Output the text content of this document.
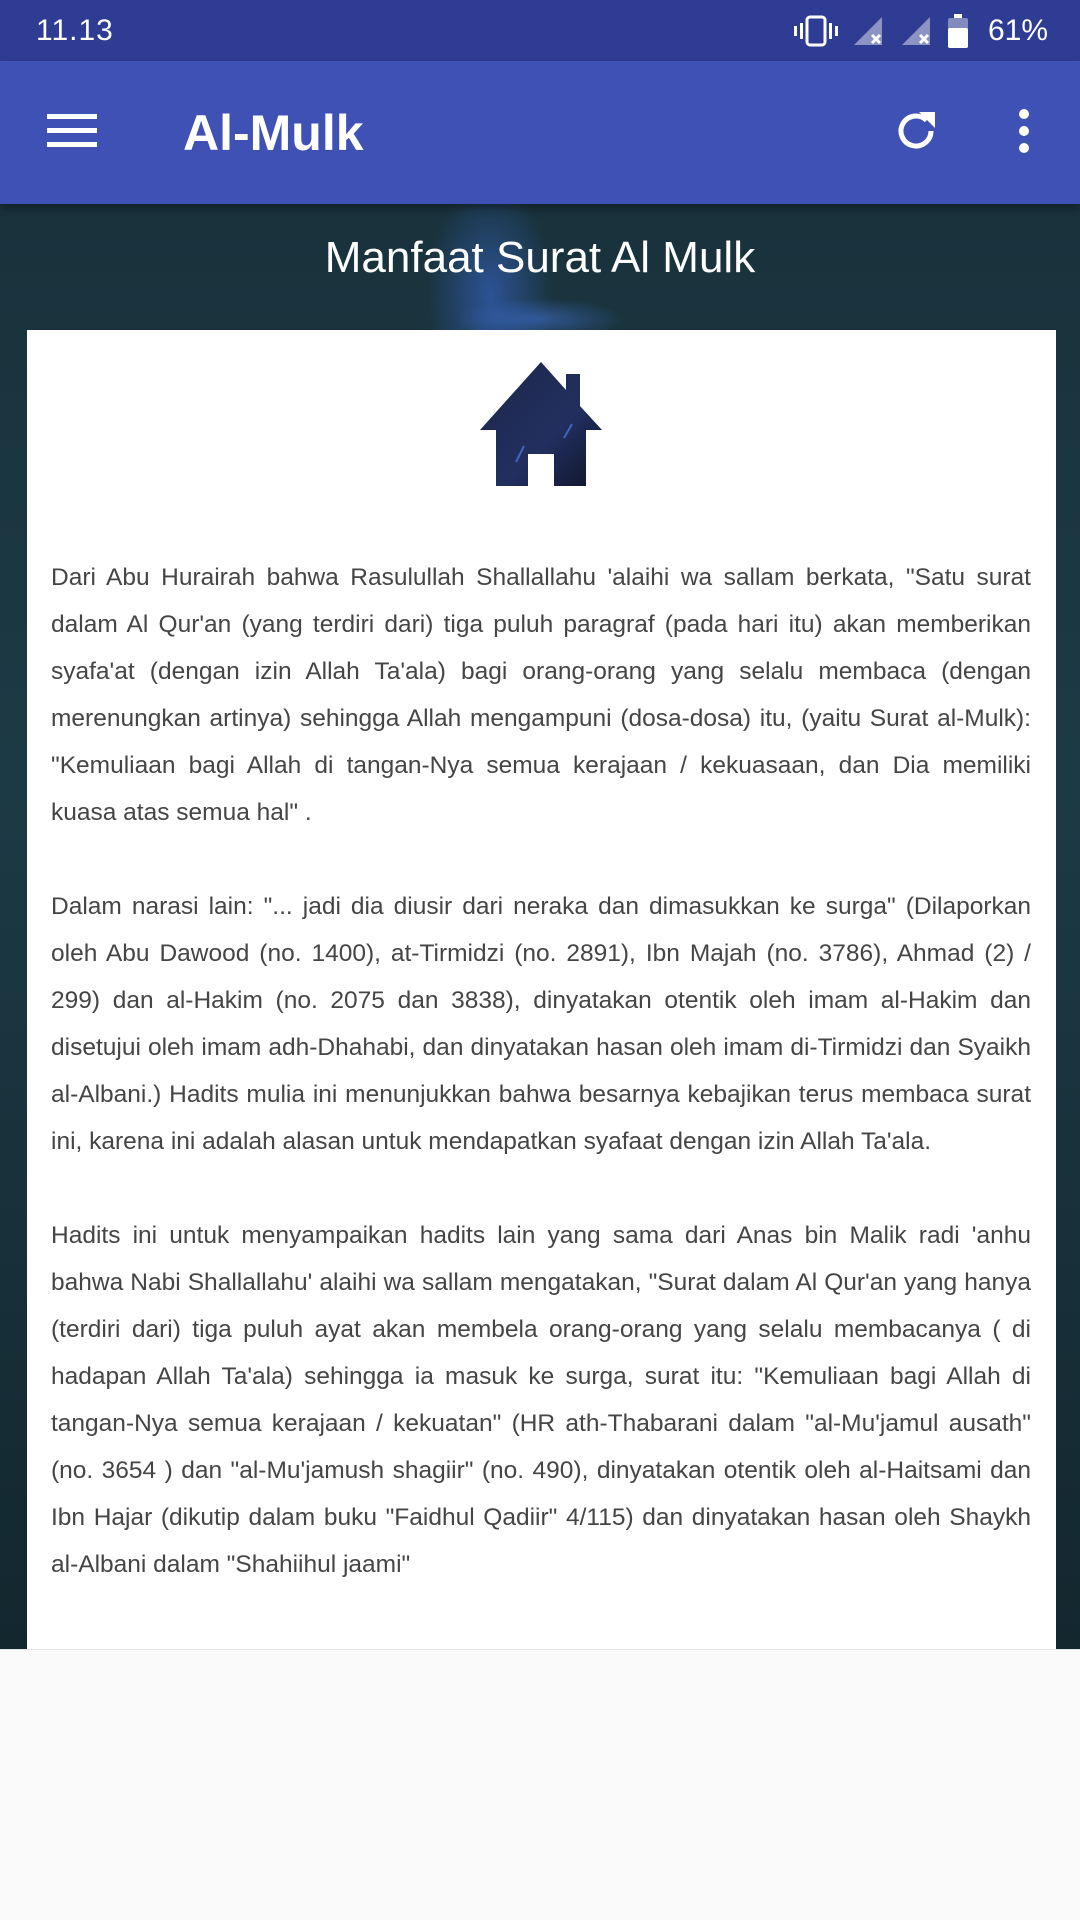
11.13	61%
Al-Mulk
Manfaat Surat Al Mulk

Dari Abu Hurairah bahwa Rasulullah Shallallahu 'alaihi wa sallam berkata, "Satu surat dalam Al Qur'an (yang terdiri dari) tiga puluh paragraf (pada hari itu) akan memberikan syafa'at (dengan izin Allah Ta'ala) bagi orang-orang yang selalu membaca (dengan merenungkan artinya) sehingga Allah mengampuni (dosa-dosa) itu, (yaitu Surat al-Mulk): "Kemuliaan bagi Allah di tangan-Nya semua kerajaan / kekuasaan, dan Dia memiliki kuasa atas semua hal" .

Dalam narasi lain: "... jadi dia diusir dari neraka dan dimasukkan ke surga" (Dilaporkan oleh Abu Dawood (no. 1400), at-Tirmidzi (no. 2891), Ibn Majah (no. 3786), Ahmad (2) / 299) dan al-Hakim (no. 2075 dan 3838), dinyatakan otentik oleh imam al-Hakim dan disetujui oleh imam adh-Dhahabi, dan dinyatakan hasan oleh imam di-Tirmidzi dan Syaikh al-Albani.) Hadits mulia ini menunjukkan bahwa besarnya kebajikan terus membaca surat ini, karena ini adalah alasan untuk mendapatkan syafaat dengan izin Allah Ta'ala.

Hadits ini untuk menyampaikan hadits lain yang sama dari Anas bin Malik radi 'anhu bahwa Nabi Shallallahu' alaihi wa sallam mengatakan, "Surat dalam Al Qur'an yang hanya (terdiri dari) tiga puluh ayat akan membela orang-orang yang selalu membacanya ( di hadapan Allah Ta'ala) sehingga ia masuk ke surga, surat itu: "Kemuliaan bagi Allah di tangan-Nya semua kerajaan / kekuatan" (HR ath-Thabarani dalam "al-Mu'jamul ausath" (no. 3654 ) dan "al-Mu'jamush shagiir" (no. 490), dinyatakan otentik oleh al-Haitsami dan Ibn Hajar (dikutip dalam buku "Faidhul Qadiir" 4/115) dan dinyatakan hasan oleh Shaykh al-Albani dalam "Shahiihul jaami"
